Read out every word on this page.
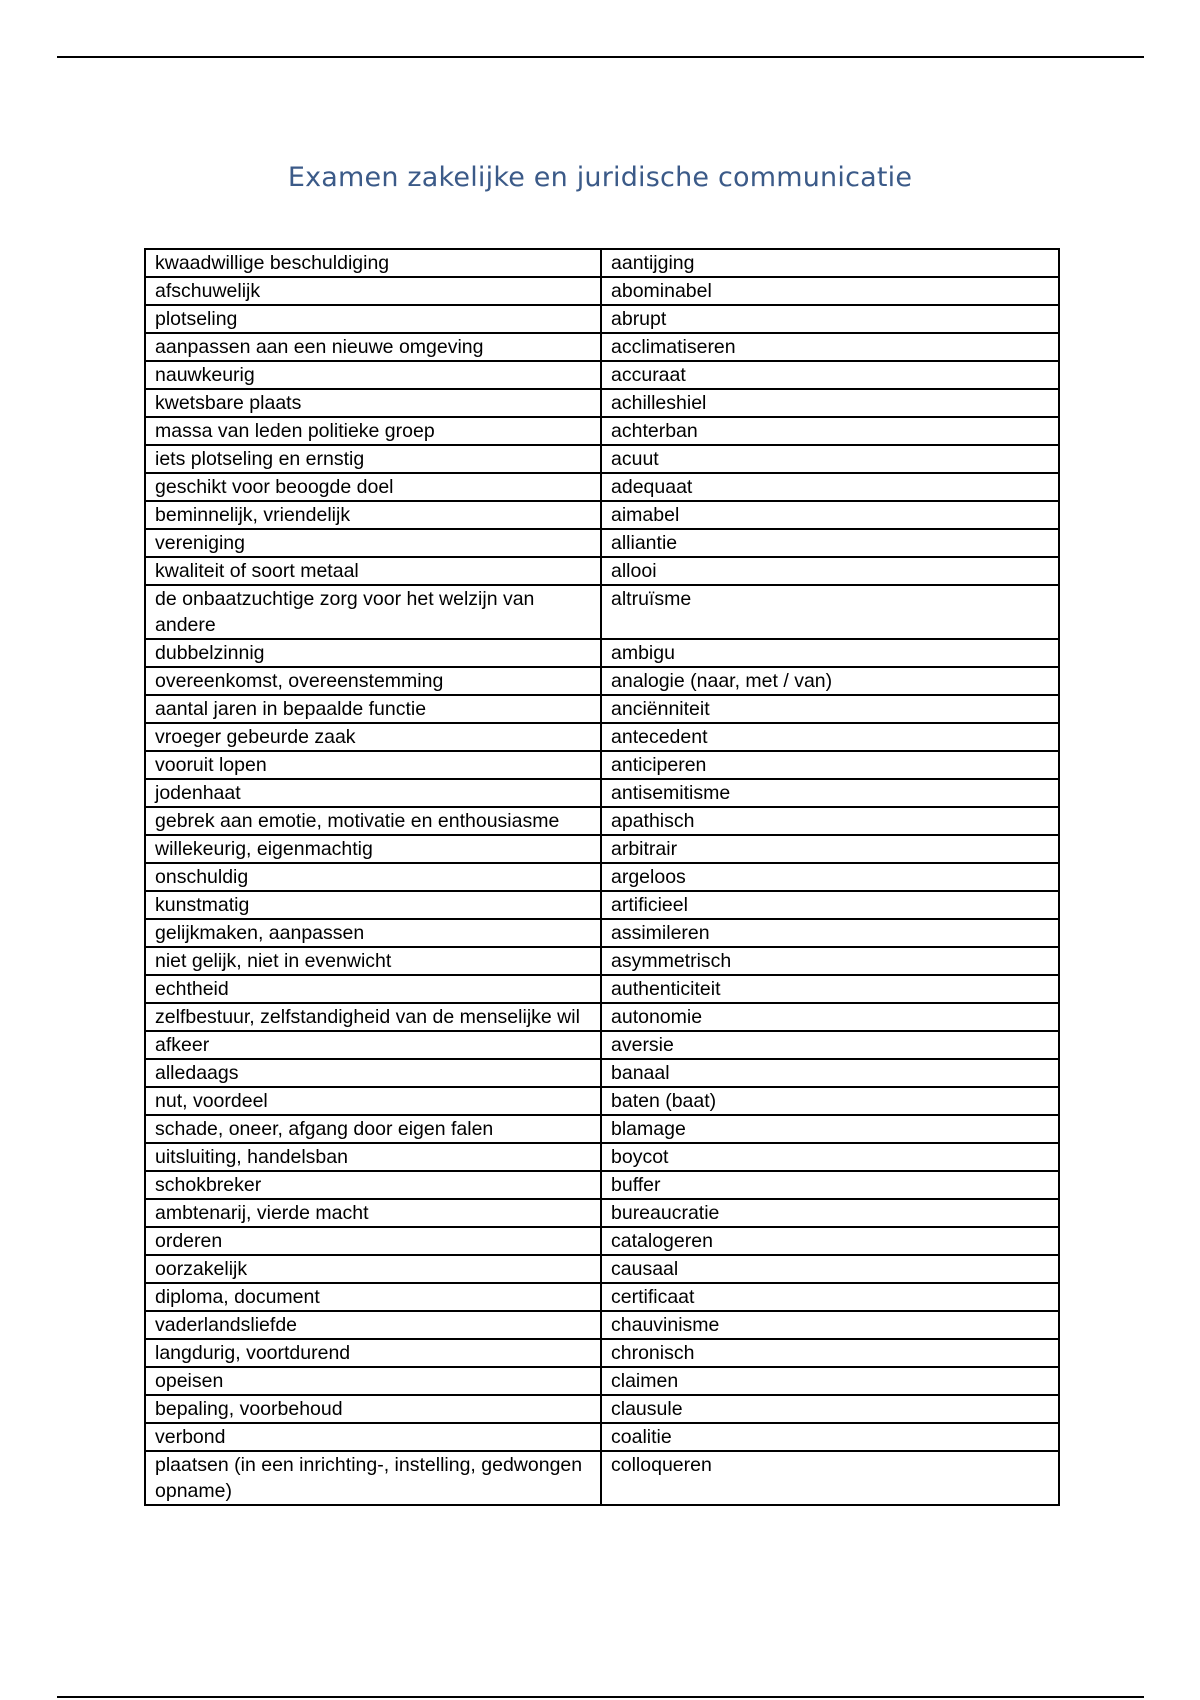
Examen zakelijke en juridische communicatie
kwaadwillige beschuldiging	aantijging
afschuwelijk	abominabel
plotseling	abrupt
aanpassen aan een nieuwe omgeving	acclimatiseren
nauwkeurig	accuraat
kwetsbare plaats	achilleshiel
massa van leden politieke groep	achterban
iets plotseling en ernstig	acuut
geschikt voor beoogde doel	adequaat
beminnelijk, vriendelijk	aimabel
vereniging	alliantie
kwaliteit of soort metaal	allooi
de onbaatzuchtige zorg voor het welzijn van andere	altruïsme
dubbelzinnig	ambigu
overeenkomst, overeenstemming	analogie (naar, met / van)
aantal jaren in bepaalde functie	anciënniteit
vroeger gebeurde zaak	antecedent
vooruit lopen	anticiperen
jodenhaat	antisemitisme
gebrek aan emotie, motivatie en enthousiasme	apathisch
willekeurig, eigenmachtig	arbitrair
onschuldig	argeloos
kunstmatig	artificieel
gelijkmaken, aanpassen	assimileren
niet gelijk, niet in evenwicht	asymmetrisch
echtheid	authenticiteit
zelfbestuur, zelfstandigheid van de menselijke wil	autonomie
afkeer	aversie
alledaags	banaal
nut, voordeel	baten (baat)
schade, oneer, afgang door eigen falen	blamage
uitsluiting, handelsban	boycot
schokbreker	buffer
ambtenarij, vierde macht	bureaucratie
orderen	catalogeren
oorzakelijk	causaal
diploma, document	certificaat
vaderlandsliefde	chauvinisme
langdurig, voortdurend	chronisch
opeisen	claimen
bepaling, voorbehoud	clausule
verbond	coalitie
plaatsen (in een inrichting-, instelling, gedwongen opname)	colloqueren
